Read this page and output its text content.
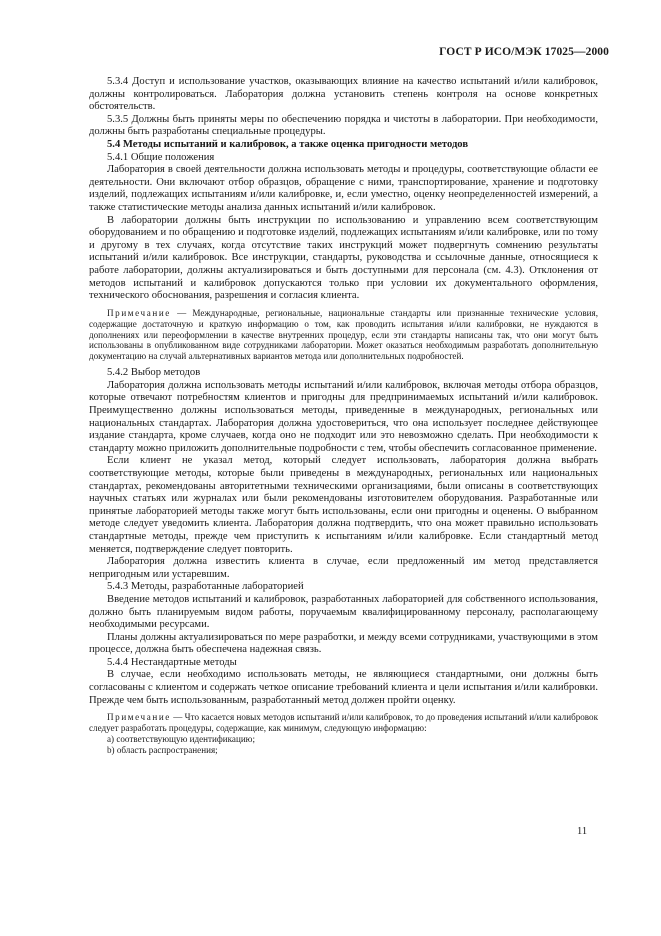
ГОСТ Р ИСО/МЭК 17025—2000

5.3.4 Доступ и использование участков, оказывающих влияние на качество испытаний и/или калибровок, должны контролироваться. Лаборатория должна установить степень контроля на основе конкретных обстоятельств.

5.3.5 Должны быть приняты меры по обеспечению порядка и чистоты в лаборатории. При необходимости, должны быть разработаны специальные процедуры.

5.4 Методы испытаний и калибровок, а также оценка пригодности методов

5.4.1 Общие положения

Лаборатория в своей деятельности должна использовать методы и процедуры, соответствующие области ее деятельности. Они включают отбор образцов, обращение с ними, транспортирование, хранение и подготовку изделий, подлежащих испытаниям и/или калибровке, и, если уместно, оценку неопределенностей измерений, а также статистические методы анализа данных испытаний и/или калибровок.

В лаборатории должны быть инструкции по использованию и управлению всем соответствующим оборудованием и по обращению и подготовке изделий, подлежащих испытаниям и/или калибровке, или по тому и другому в тех случаях, когда отсутствие таких инструкций может подвергнуть сомнению результаты испытаний и/или калибровок. Все инструкции, стандарты, руководства и ссылочные данные, относящиеся к работе лаборатории, должны актуализироваться и быть доступными для персонала (см. 4.3). Отклонения от методов испытаний и калибровок допускаются только при условии их документального оформления, технического обоснования, разрешения и согласия клиента.

Примечание — Международные, региональные, национальные стандарты или признанные технические условия, содержащие достаточную и краткую информацию о том, как проводить испытания и/или калибровки, не нуждаются в дополнениях или переоформлении в качестве внутренних процедур, если эти стандарты написаны так, что они могут быть использованы в опубликованном виде сотрудниками лаборатории. Может оказаться необходимым разработать дополнительную документацию на случай альтернативных вариантов метода или дополнительных подробностей.

5.4.2 Выбор методов

Лаборатория должна использовать методы испытаний и/или калибровок, включая методы отбора образцов, которые отвечают потребностям клиентов и пригодны для предпринимаемых испытаний и/или калибровок. Преимущественно должны использоваться методы, приведенные в международных, региональных или национальных стандартах. Лаборатория должна удостовериться, что она использует последнее действующее издание стандарта, кроме случаев, когда оно не подходит или это невозможно сделать. При необходимости к стандарту можно приложить дополнительные подробности с тем, чтобы обеспечить согласованное применение.

Если клиент не указал метод, который следует использовать, лаборатория должна выбрать соответствующие методы, которые были приведены в международных, региональных или национальных стандартах, рекомендованы авторитетными техническими организациями, были описаны в соответствующих научных статьях или журналах или были рекомендованы изготовителем оборудования. Разработанные или принятые лабораторией методы также могут быть использованы, если они пригодны и оценены. О выбранном методе следует уведомить клиента. Лаборатория должна подтвердить, что она может правильно использовать стандартные методы, прежде чем приступить к испытаниям и/или калибровке. Если стандартный метод меняется, подтверждение следует повторить.

Лаборатория должна известить клиента в случае, если предложенный им метод представляется непригодным или устаревшим.

5.4.3 Методы, разработанные лабораторией

Введение методов испытаний и калибровок, разработанных лабораторией для собственного использования, должно быть планируемым видом работы, поручаемым квалифицированному персоналу, располагающему необходимыми ресурсами.

Планы должны актуализироваться по мере разработки, и между всеми сотрудниками, участвующими в этом процессе, должна быть обеспечена надежная связь.

5.4.4 Нестандартные методы

В случае, если необходимо использовать методы, не являющиеся стандартными, они должны быть согласованы с клиентом и содержать четкое описание требований клиента и цели испытания и/или калибровки. Прежде чем быть использованным, разработанный метод должен пройти оценку.

Примечание — Что касается новых методов испытаний и/или калибровок, то до проведения испытаний и/или калибровок следует разработать процедуры, содержащие, как минимум, следующую информацию:

a) соответствующую идентификацию;
b) область распространения;
11
